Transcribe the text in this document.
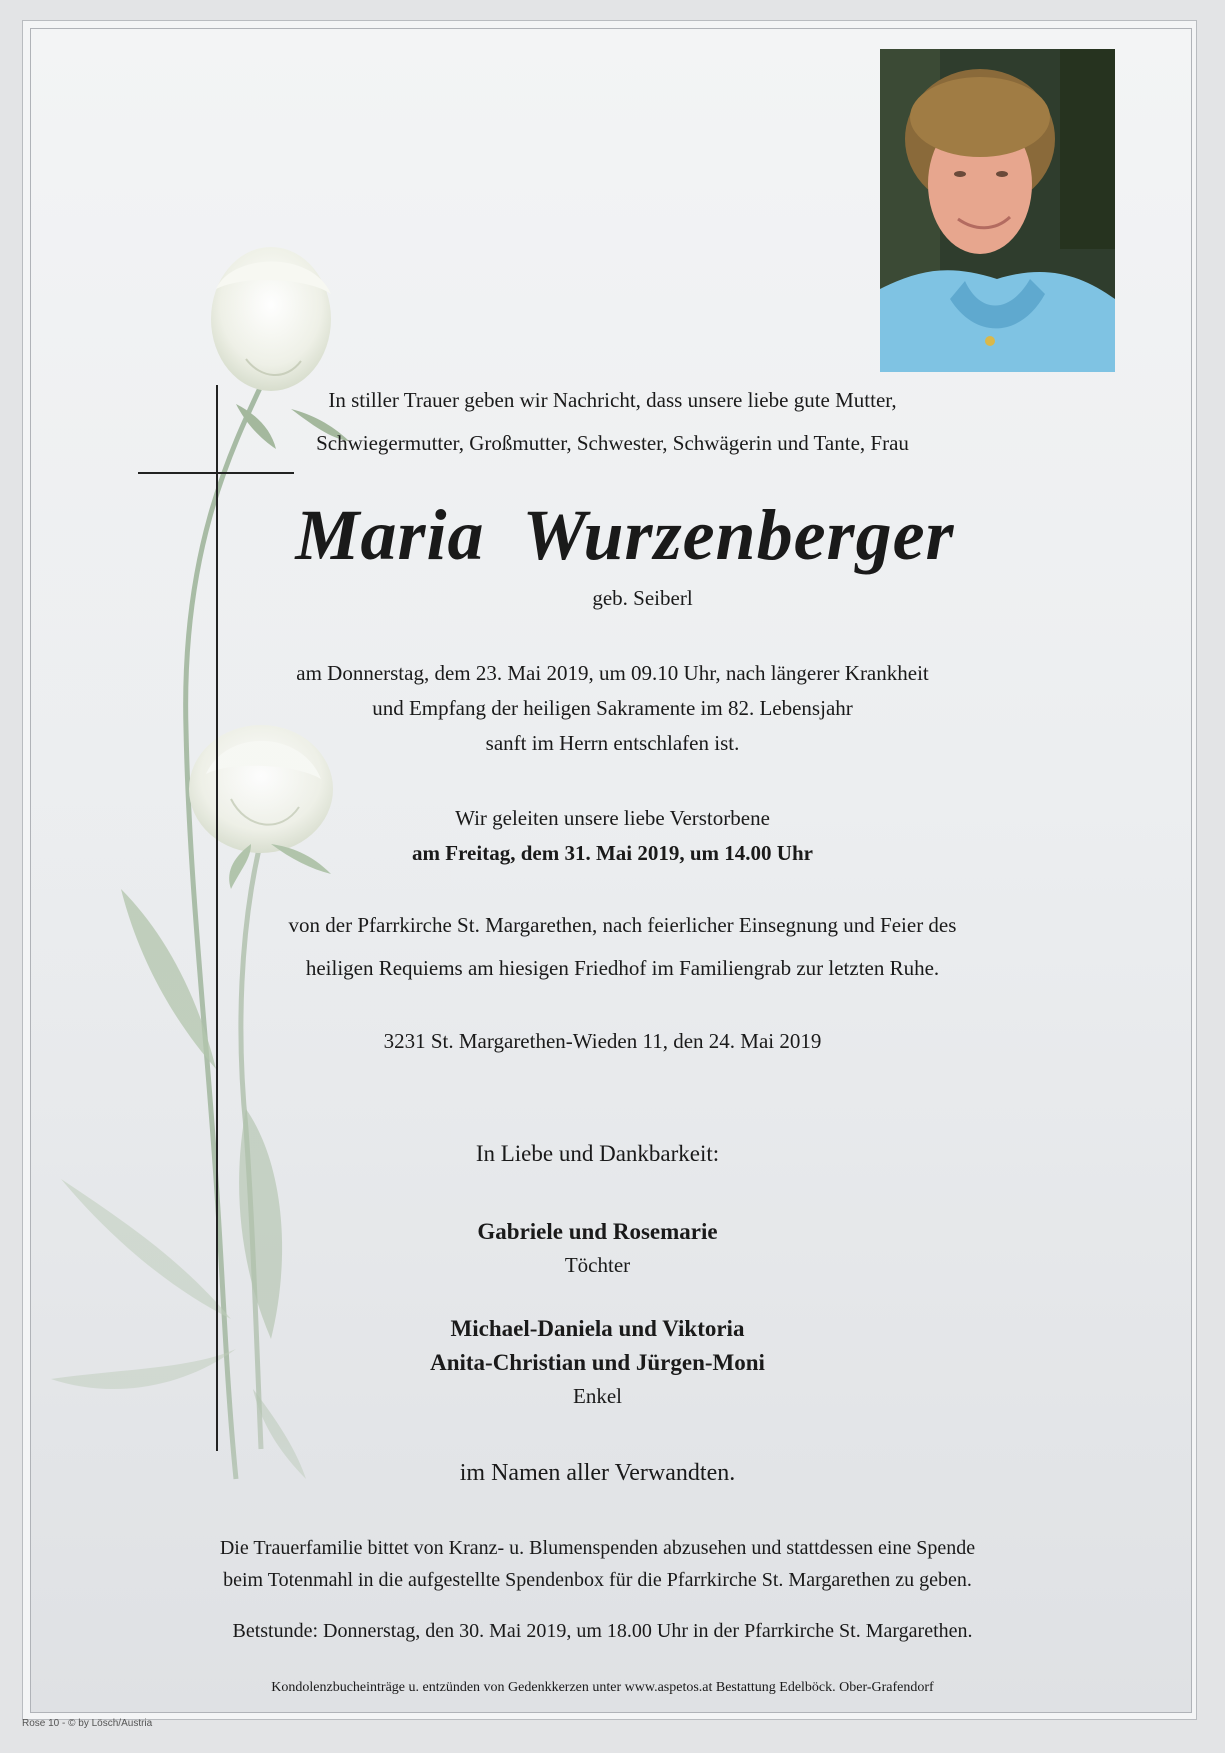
In stiller Trauer geben wir Nachricht, dass unsere liebe gute Mutter,
Schwiegermutter, Großmutter, Schwester, Schwägerin und Tante, Frau
Maria Wurzenberger
geb. Seiberl
am Donnerstag, dem 23. Mai 2019, um 09.10 Uhr, nach längerer Krankheit
und Empfang der heiligen Sakramente im 82. Lebensjahr
sanft im Herrn entschlafen ist.
Wir geleiten unsere liebe Verstorbene
am Freitag, dem 31. Mai 2019, um 14.00 Uhr
von der Pfarrkirche St. Margarethen, nach feierlicher Einsegnung und Feier des
heiligen Requiems am hiesigen Friedhof im Familiengrab zur letzten Ruhe.
3231 St. Margarethen-Wieden 11, den 24. Mai 2019
In Liebe und Dankbarkeit:
Gabriele und Rosemarie
Töchter
Michael-Daniela und Viktoria
Anita-Christian und Jürgen-Moni
Enkel
im Namen aller Verwandten.
Die Trauerfamilie bittet von Kranz- u. Blumenspenden abzusehen und stattdessen eine Spende
beim Totenmahl in die aufgestellte Spendenbox für die Pfarrkirche St. Margarethen zu geben.
Betstunde: Donnerstag, den 30. Mai 2019, um 18.00 Uhr in der Pfarrkirche St. Margarethen.
Kondolenzbucheinträge u. entzünden von Gedenkkerzen unter www.aspetos.at Bestattung Edelböck. Ober-Grafendorf
Rose 10 - © by Lösch/Austria
